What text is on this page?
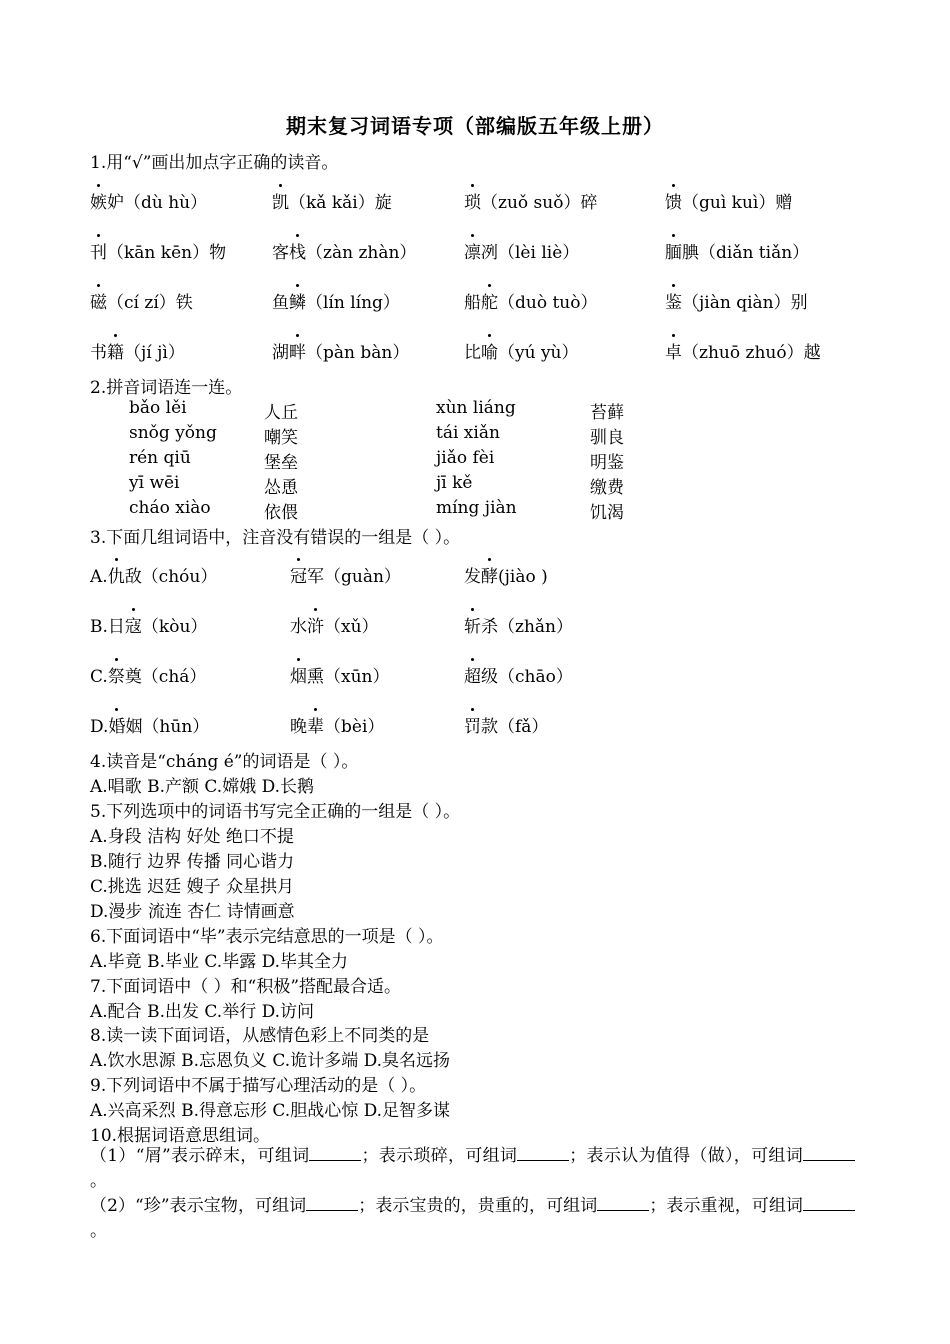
期末复习词语专项（部编版五年级上册）
1.用“√”画出加点字正确的读音。
嫉妒（dù hù）	凯（kǎ kǎi）旋	琐（zuǒ suǒ）碎	馈（guì kuì）赠
刊（kān kēn）物	客栈（zàn zhàn）	凛冽（lèi liè）	腼腆（diǎn tiǎn）
磁（cí zí）铁	鱼鳞（lín líng）	船舵（duò tuò）	鉴（jiàn qiàn）别
书籍（jí jì）	湖畔（pàn bàn）	比喻（yú yù）	卓（zhuō zhuó）越
2.拼音词语连一连。
bǎo lěi	人丘	xùn liáng	苔藓
snǒg yǒng	嘲笑	tái xiǎn	驯良
rén qiū	堡垒	jiǎo fèi	明鉴
yī wēi	怂恿	jī kě	缴费
cháo xiào	依偎	míng jiàn	饥渴
3.下面几组词语中，注音没有错误的一组是（ ）。
A.仇敌（chóu）	冠军（guàn）	发酵(jiào )
B.日寇（kòu）	水浒（xǔ）	斩杀（zhǎn）
C.祭奠（chá）	烟熏（xūn）	超级（chāo）
D.婚姻（hūn）	晚辈（bèi）	罚款（fǎ）
4.读音是“cháng é”的词语是（ ）。
A.唱歌 B.产额 C.嫦娥 D.长鹅
5.下列选项中的词语书写完全正确的一组是（ ）。
A.身段 洁构 好处 绝口不提
B.随行 边界 传播 同心谐力
C.挑选 迟廷 嫂子 众星拱月
D.漫步 流连 杏仁 诗情画意
6.下面词语中“毕”表示完结意思的一项是（ ）。
A.毕竟 B.毕业 C.毕露 D.毕其全力
7.下面词语中（ ）和“积极”搭配最合适。
A.配合 B.出发 C.举行 D.访问
8.读一读下面词语，从感情色彩上不同类的是
A.饮水思源 B.忘恩负义 C.诡计多端 D.臭名远扬
9.下列词语中不属于描写心理活动的是（ ）。
A.兴高采烈 B.得意忘形 C.胆战心惊 D.足智多谋
10.根据词语意思组词。
（1）“屑”表示碎末，可组词	；表示琐碎，可组词	；表示认为值得（做），可组词。
（2）“珍”表示宝物，可组词	；表示宝贵的，贵重的，可组词	；表示重视，可组词。
